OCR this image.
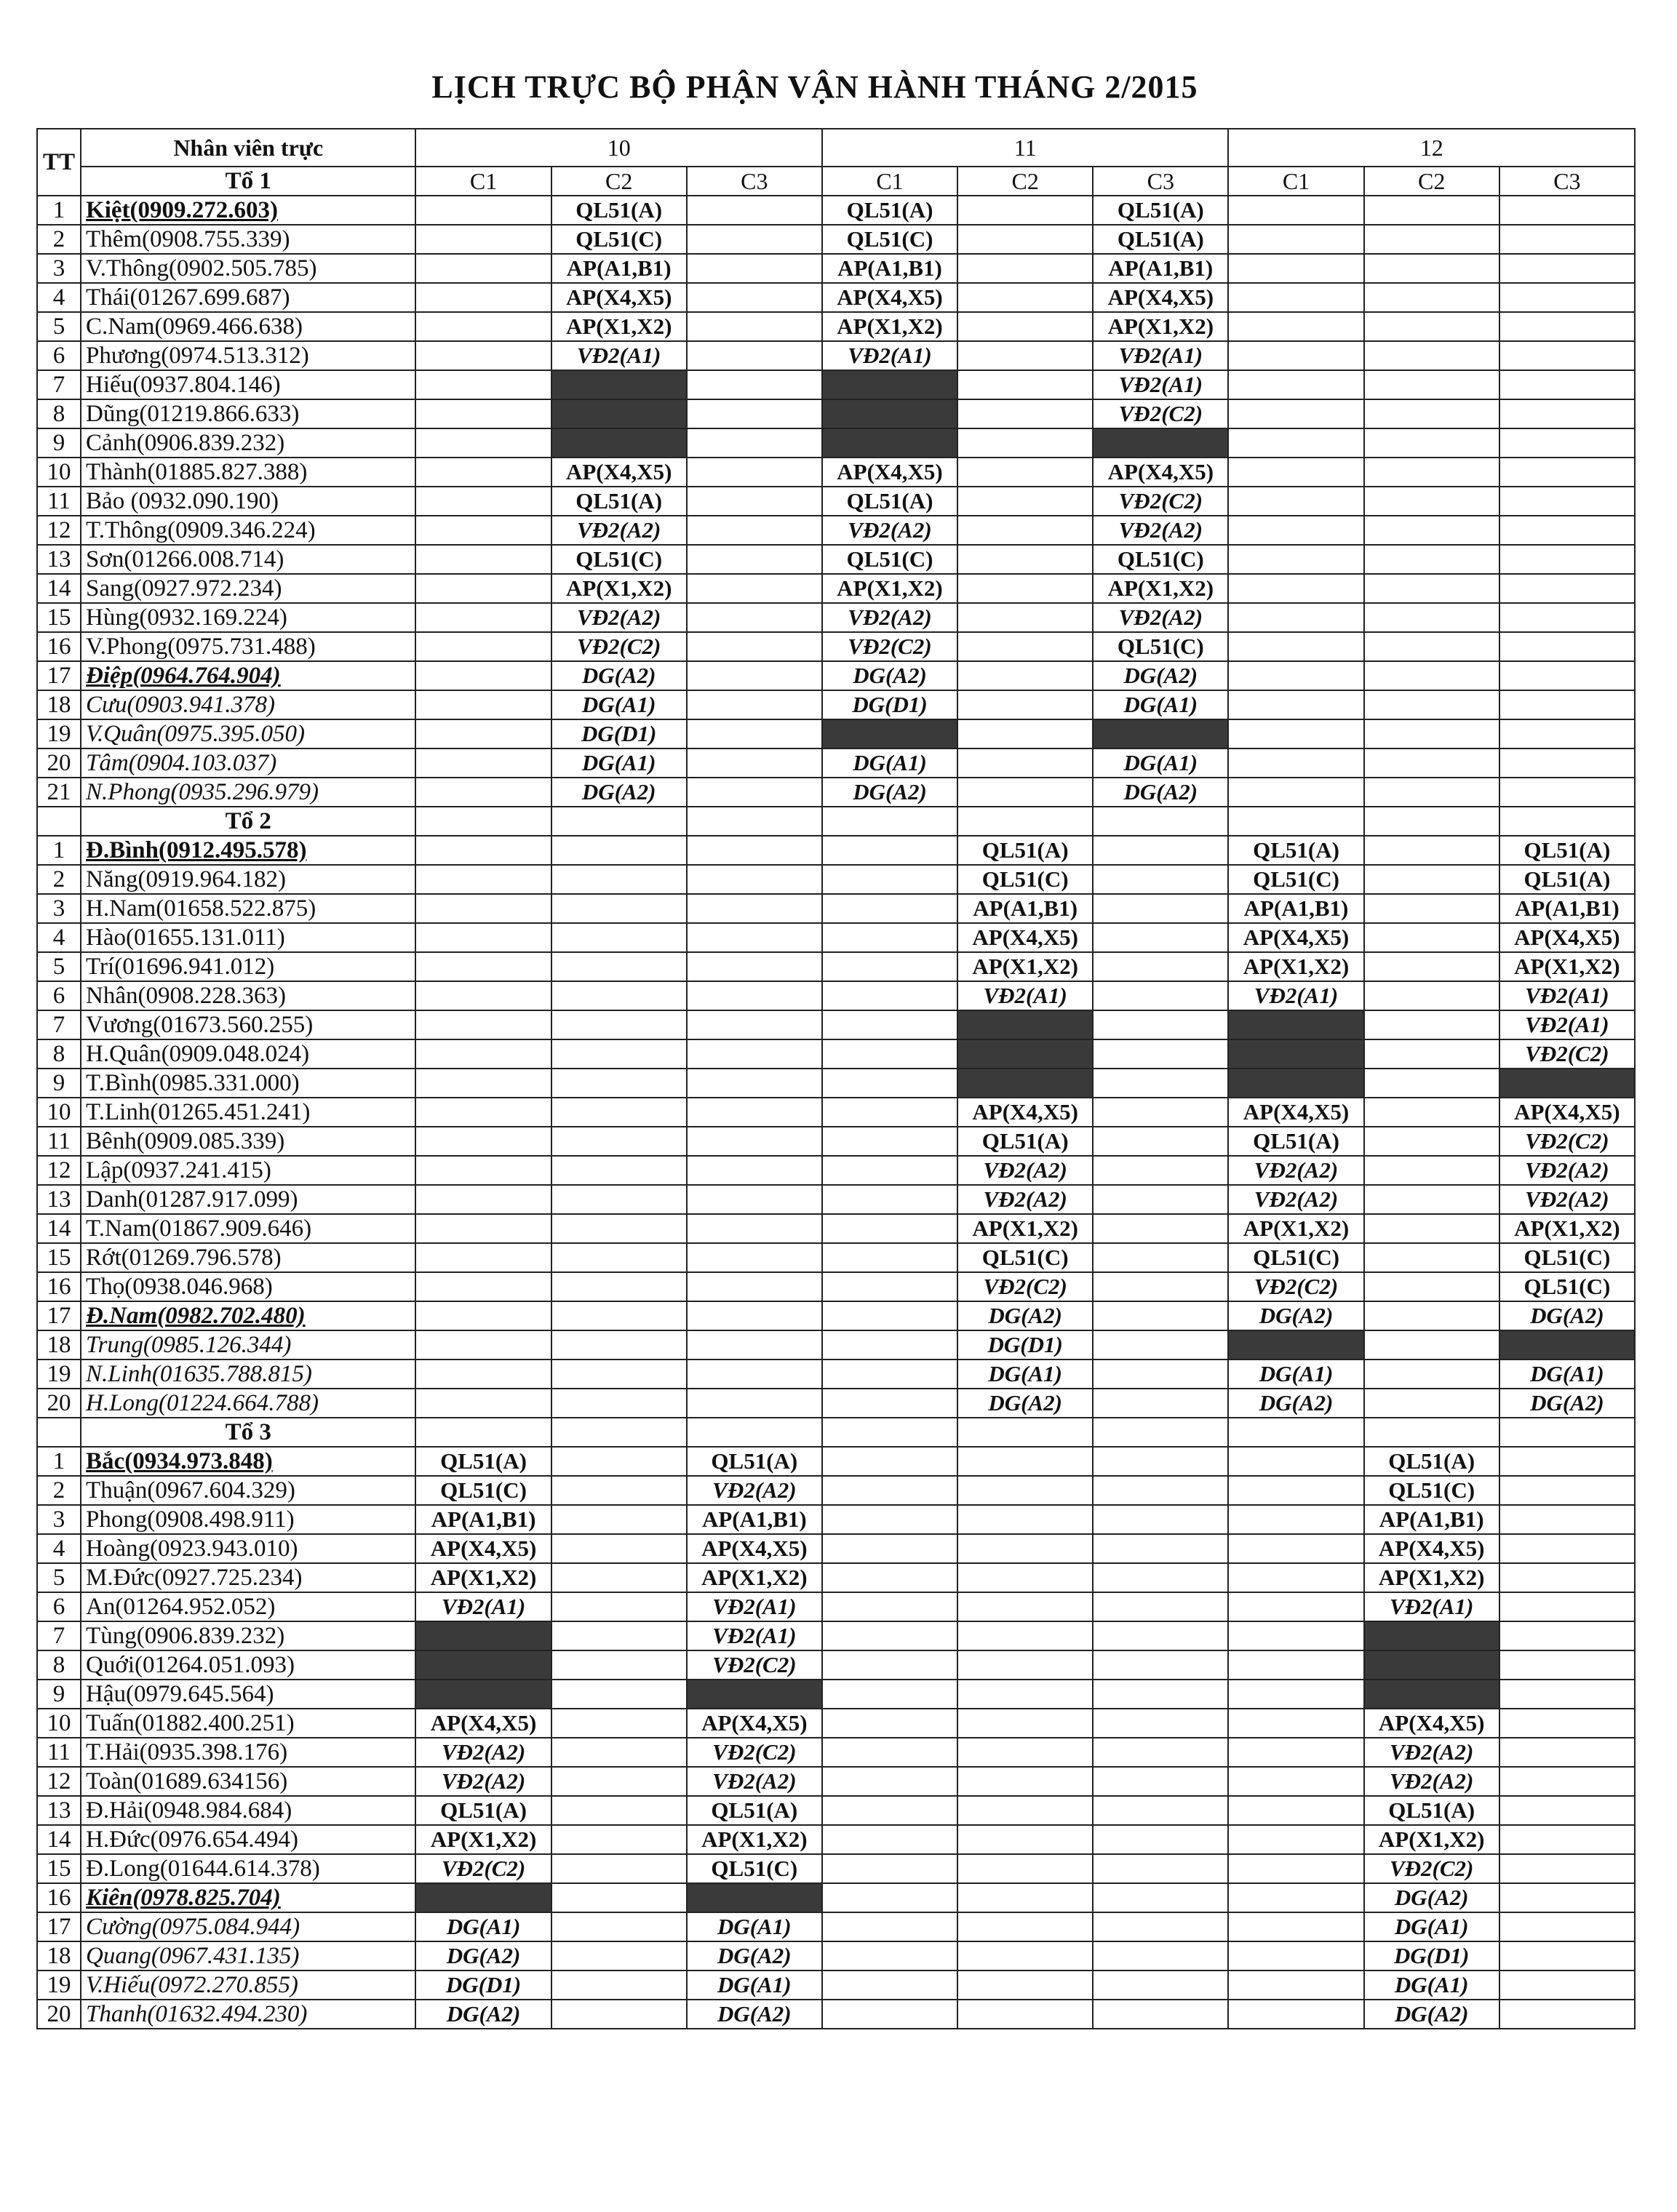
LỊCH TRỰC BỘ PHẬN VẬN HÀNH THÁNG 2/2015
TT	Nhân viên trực	10			11			12		
	Tổ 1	C1	C2	C3	C1	C2	C3	C1	C2	C3
1	Kiệt(0909.272.603)		QL51(A)		QL51(A)		QL51(A)			
2	Thêm(0908.755.339)		QL51(C)		QL51(C)		QL51(A)			
3	V.Thông(0902.505.785)		AP(A1,B1)		AP(A1,B1)		AP(A1,B1)			
4	Thái(01267.699.687)		AP(X4,X5)		AP(X4,X5)		AP(X4,X5)			
5	C.Nam(0969.466.638)		AP(X1,X2)		AP(X1,X2)		AP(X1,X2)			
6	Phương(0974.513.312)		VĐ2(A1)		VĐ2(A1)		VĐ2(A1)			
7	Hiếu(0937.804.146)						VĐ2(A1)			
8	Dũng(01219.866.633)						VĐ2(C2)			
9	Cảnh(0906.839.232)									
10	Thành(01885.827.388)		AP(X4,X5)		AP(X4,X5)		AP(X4,X5)			
11	Bảo (0932.090.190)		QL51(A)		QL51(A)		VĐ2(C2)			
12	T.Thông(0909.346.224)		VĐ2(A2)		VĐ2(A2)		VĐ2(A2)			
13	Sơn(01266.008.714)		QL51(C)		QL51(C)		QL51(C)			
14	Sang(0927.972.234)		AP(X1,X2)		AP(X1,X2)		AP(X1,X2)			
15	Hùng(0932.169.224)		VĐ2(A2)		VĐ2(A2)		VĐ2(A2)			
16	V.Phong(0975.731.488)		VĐ2(C2)		VĐ2(C2)		QL51(C)			
17	Điệp(0964.764.904)		DG(A2)		DG(A2)		DG(A2)			
18	Cưu(0903.941.378)		DG(A1)		DG(D1)		DG(A1)			
19	V.Quân(0975.395.050)		DG(D1)							
20	Tâm(0904.103.037)		DG(A1)		DG(A1)		DG(A1)			
21	N.Phong(0935.296.979)		DG(A2)		DG(A2)		DG(A2)			
	Tổ 2									
1	Đ.Bình(0912.495.578)					QL51(A)		QL51(A)		QL51(A)
2	Năng(0919.964.182)					QL51(C)		QL51(C)		QL51(A)
3	H.Nam(01658.522.875)					AP(A1,B1)		AP(A1,B1)		AP(A1,B1)
4	Hào(01655.131.011)					AP(X4,X5)		AP(X4,X5)		AP(X4,X5)
5	Trí(01696.941.012)					AP(X1,X2)		AP(X1,X2)		AP(X1,X2)
6	Nhân(0908.228.363)					VĐ2(A1)		VĐ2(A1)		VĐ2(A1)
7	Vương(01673.560.255)									VĐ2(A1)
8	H.Quân(0909.048.024)									VĐ2(C2)
9	T.Bình(0985.331.000)									
10	T.Linh(01265.451.241)					AP(X4,X5)		AP(X4,X5)		AP(X4,X5)
11	Bênh(0909.085.339)					QL51(A)		QL51(A)		VĐ2(C2)
12	Lập(0937.241.415)					VĐ2(A2)		VĐ2(A2)		VĐ2(A2)
13	Danh(01287.917.099)					VĐ2(A2)		VĐ2(A2)		VĐ2(A2)
14	T.Nam(01867.909.646)					AP(X1,X2)		AP(X1,X2)		AP(X1,X2)
15	Rớt(01269.796.578)					QL51(C)		QL51(C)		QL51(C)
16	Thọ(0938.046.968)					VĐ2(C2)		VĐ2(C2)		QL51(C)
17	Đ.Nam(0982.702.480)					DG(A2)		DG(A2)		DG(A2)
18	Trung(0985.126.344)					DG(D1)				
19	N.Linh(01635.788.815)					DG(A1)		DG(A1)		DG(A1)
20	H.Long(01224.664.788)					DG(A2)		DG(A2)		DG(A2)
	Tổ 3									
1	Bắc(0934.973.848)	QL51(A)		QL51(A)					QL51(A)	
2	Thuận(0967.604.329)	QL51(C)		VĐ2(A2)					QL51(C)	
3	Phong(0908.498.911)	AP(A1,B1)		AP(A1,B1)					AP(A1,B1)	
4	Hoàng(0923.943.010)	AP(X4,X5)		AP(X4,X5)					AP(X4,X5)	
5	M.Đức(0927.725.234)	AP(X1,X2)		AP(X1,X2)					AP(X1,X2)	
6	An(01264.952.052)	VĐ2(A1)		VĐ2(A1)					VĐ2(A1)	
7	Tùng(0906.839.232)			VĐ2(A1)						
8	Quới(01264.051.093)			VĐ2(C2)						
9	Hậu(0979.645.564)									
10	Tuấn(01882.400.251)	AP(X4,X5)		AP(X4,X5)					AP(X4,X5)	
11	T.Hải(0935.398.176)	VĐ2(A2)		VĐ2(C2)					VĐ2(A2)	
12	Toàn(01689.634156)	VĐ2(A2)		VĐ2(A2)					VĐ2(A2)	
13	Đ.Hải(0948.984.684)	QL51(A)		QL51(A)					QL51(A)	
14	H.Đức(0976.654.494)	AP(X1,X2)		AP(X1,X2)					AP(X1,X2)	
15	Đ.Long(01644.614.378)	VĐ2(C2)		QL51(C)					VĐ2(C2)	
16	Kiên(0978.825.704)								DG(A2)	
17	Cường(0975.084.944)	DG(A1)		DG(A1)					DG(A1)	
18	Quang(0967.431.135)	DG(A2)		DG(A2)					DG(D1)	
19	V.Hiếu(0972.270.855)	DG(D1)		DG(A1)					DG(A1)	
20	Thanh(01632.494.230)	DG(A2)		DG(A2)					DG(A2)	
